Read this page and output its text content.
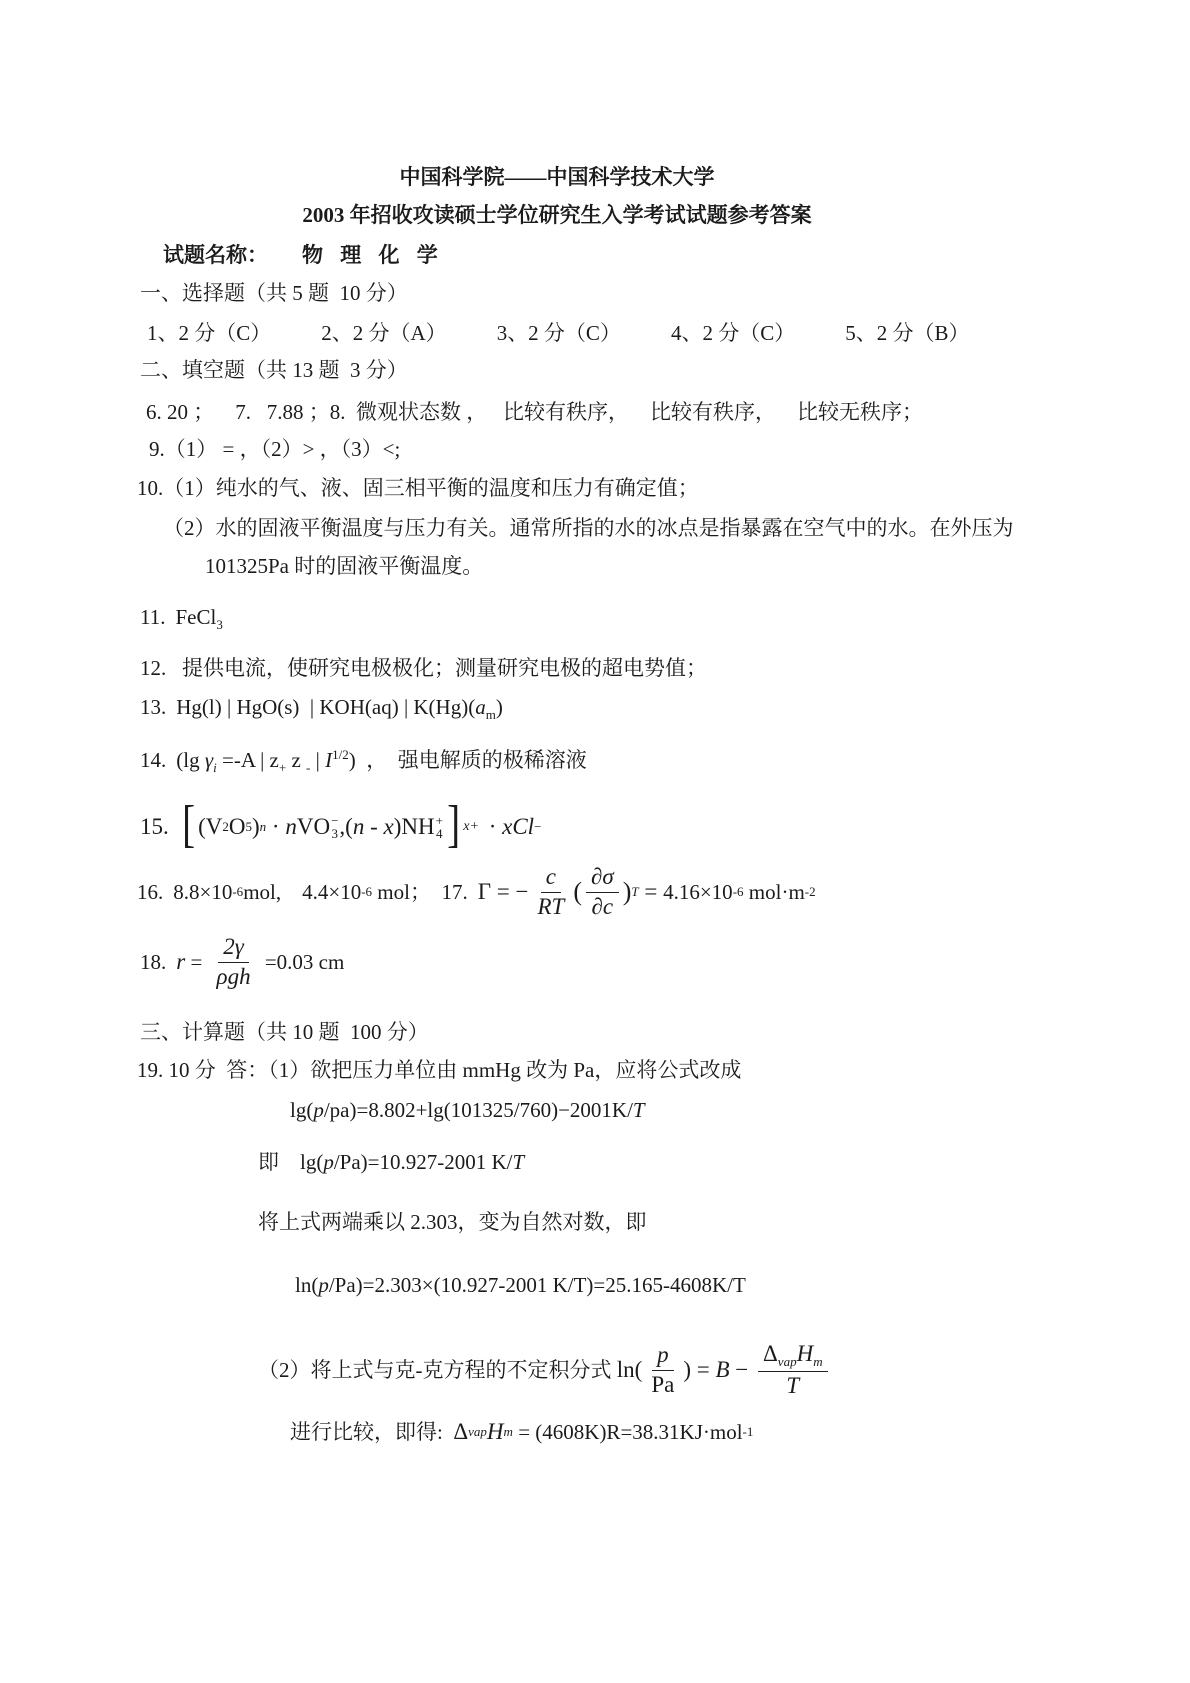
中国科学院——中国科学技术大学
2003 年招收攻读硕士学位研究生入学考试试题参考答案
试题名称： 物 理 化 学
一、选择题（共 5 题  10 分）
1、2 分（C） 2、2 分（A） 3、2 分（C） 4、2 分（C） 5、2 分（B）
二、填空题（共 13 题  3 分）
6. 20 ；    7.   7.88 ；8.  微观状态数 ，   比较有秩序，    比较有秩序，    比较无秩序；
9.（1） = ，（2）> ，（3）<;
10.（1）纯水的气、液、固三相平衡的温度和压力有确定值；
（2）水的固液平衡温度与压力有关。通常所指的水的冰点是指暴露在空气中的水。在外压为
101325Pa 时的固液平衡温度。
11. FeCl$_3$
12.   提供电流，使研究电极极化；测量研究电极的超电势值；
13. Hg(l) | HgO(s)  | KOH(aq) | $K(Hg)(a_m)$
14. (lg $\gamma_i =-A$ | $z_+$ z $_-$ | $I^{1/2}$)  ，  强电解质的极稀溶液
15. [ (V 2 O 5 ) n · n VO −
3 ,( n - x )NH +
4 ] x+ · xCl −
16. 8.8×10 -6 mol, 4.4×10 -6 mol； 17. Γ = − $\frac{c}{RT}$ ( $\frac{\partial\sigma}{\partial c}$ ) T = 4.16×10 -6 mol·m -2
18. $r = \frac{2\gamma}{\text{ρgh}} =0.03$ cm
三、计算题（共 10 题  100 分）
19. 10 分  答：（1）欲把压力单位由 mmHg 改为 Pa，应将公式改成
lg(p/pa)=8.802+lg(101325/760)−2001K/T
即    lg(p/Pa)=10.927-2001 K/T
将上式两端乘以 2.303，变为自然对数，即
ln(p/Pa)=2.303×(10.927-2001 K/T)=25.165-4608K/T
（2）将上式与克-克方程的不定积分式 $\ln( \frac{p}{Pa}$ ) = $B - \frac{\Delta_{vap}H_m}{T}$
进行比较，即得: Δ vap H m = (4608K)R=38.31KJ·mol -1
